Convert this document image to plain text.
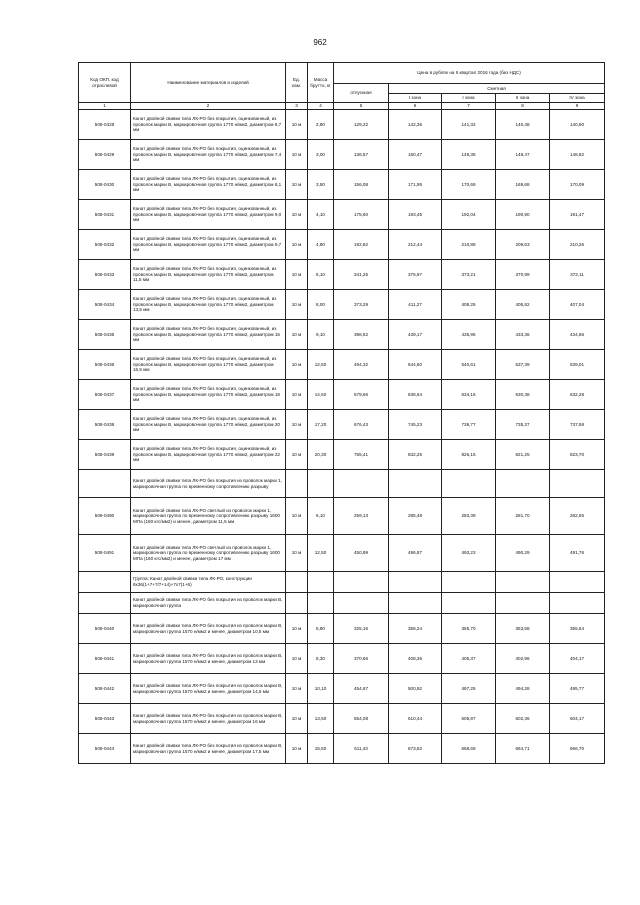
962
Код ОКП, код отраслевой	Наименование материалов и изделий	Ед. изм.	Масса брутто, кг	Цена в рублях на II квартал 2016 года (без НДС)				
				отпускная	Сметная			
					I зона	I зона	II зона	IV зона
1	2	3	4	5	6	7	8	9
508-0428	Канат двойной свивки типа ЛК-РО без покрытия, оцинкованный, из проволок марки В, маркировочная группа 1770 н/мм2, диаметром 6,7 мм	10 м	2,80	129,22	142,36	141,32	140,48	140,90
508-0429	Канат двойной свивки типа ЛК-РО без покрытия, оцинкованный, из проволок марки В, маркировочная группа 1770 н/мм2, диаметром 7,4 мм	10 м	3,00	136,57	150,47	149,36	148,47	148,82
508-0430	Канат двойной свивки типа ЛК-РО без покрытия, оцинкованный, из проволок марки В, маркировочная группа 1770 н/мм2, диаметром 8,1 мм	10 м	3,50	156,08	171,95	170,69	169,68	170,09
508-0431	Канат двойной свивки типа ЛК-РО без покрытия, оцинкованный, из проволок марки В, маркировочная группа 1770 н/мм2, диаметром 9,0 мм	10 м	4,10	175,60	193,45	192,04	190,90	191,47
508-0432	Канат двойной свивки типа ЛК-РО без покрытия, оцинкованный, из проволок марки В, маркировочная группа 1770 н/мм2, диаметром 9,7 мм	10 м	4,80	192,82	212,44	210,88	209,63	210,26
508-0433	Канат двойной свивки типа ЛК-РО без покрытия, оцинкованный, из проволок марки В, маркировочная группа 1770 н/мм2, диаметром 11,5 мм	10 м	6,10	341,25	375,97	373,21	370,99	372,11
508-0434	Канат двойной свивки типа ЛК-РО без покрытия, оцинкованный, из проволок марки В, маркировочная группа 1770 н/мм2, диаметром 13,5 мм	10 м	8,00	373,29	411,27	408,25	405,82	407,04
508-0435	Канат двойной свивки типа ЛК-РО без покрытия, оцинкованный, из проволок марки В, маркировочная группа 1770 н/мм2, диаметром 15 мм	10 м	9,10	398,62	439,17	435,95	433,36	434,66
508-0436	Канат двойной свивки типа ЛК-РО без покрытия, оцинкованный, из проволок марки В, маркировочная группа 1770 н/мм2, диаметром 16,5 мм	10 м	12,50	494,32	544,60	540,61	537,39	539,01
508-0437	Канат двойной свивки типа ЛК-РО без покрытия, оцинкованный, из проволок марки В, маркировочная группа 1770 н/мм2, диаметром 18 мм	10 м	14,50	579,66	638,64	634,16	630,38	632,28
508-0438	Канат двойной свивки типа ЛК-РО без покрытия, оцинкованный, из проволок марки В, маркировочная группа 1770 н/мм2, диаметром 20 мм	10 м	17,20	676,43	745,23	739,77	735,37	737,58
508-0439	Канат двойной свивки типа ЛК-РО без покрытия, оцинкованный, из проволок марки В, маркировочная группа 1770 н/мм2, диаметром 22 мм	10 м	20,30	755,41	832,25	826,15	821,25	823,70
	Канат двойной свивки типа ЛК-РО без покрытия из проволок марки 1, маркировочная группа по временному сопротивлению разрыву							
508-0490	Канат двойной свивки типа ЛК-РО светлый из проволок марки 1, маркировочная группа по временному сопротивлению разрыву 1600 МПа (160 кгс/мм2) и менее, диаметром 11,5 мм	10 м	6,10	259,13	285,48	283,39	281,70	282,55
508-0491	Канат двойной свивки типа ЛК-РО светлый из проволок марки 1, маркировочная группа по временному сопротивлению разрыву 1600 МПа (160 кгс/мм2) и менее, диаметром 17 мм	10 м	12,50	450,99	496,87	493,23	490,29	491,76
	Группа: Канат двойной свивки типа ЛК-РО, конструкции 6х36(1+7+7/7+14)+7х7(1+6)							
	Канат двойной свивки типа ЛК-РО без покрытия из проволок марки В, маркировочная группа							
508-0440	Канат двойной свивки типа ЛК-РО без покрытия из проволок марки В, маркировочная группа 1570 н/мм2 и менее, диаметром 10,5 мм	10 м	5,80	325,16	358,24	355,70	353,58	355,64
508-0441	Канат двойной свивки типа ЛК-РО без покрытия из проволок марки В, маркировочная группа 1570 н/мм2 и менее, диаметром 13 мм	10 м	8,30	370,66	408,36	405,37	402,96	404,17
508-0442	Канат двойной свивки типа ЛК-РО без покрытия из проволок марки В, маркировочная группа 1570 н/мм2 и менее, диаметром 14,5 мм	10 м	10,10	454,67	500,92	497,25	494,28	495,77
508-0443	Канат двойной свивки типа ЛК-РО без покрытия из проволок марки В, маркировочная группа 1570 н/мм2 и менее, диаметром 16 мм	10 м	13,50	554,08	610,44	605,97	602,36	604,17
508-0444	Канат двойной свивки типа ЛК-РО без покрытия из проволок марки В, маркировочная группа 1570 н/мм2 и менее, диаметром 17,5 мм	10 м	15,50	611,43	673,62	668,69	664,71	666,70
